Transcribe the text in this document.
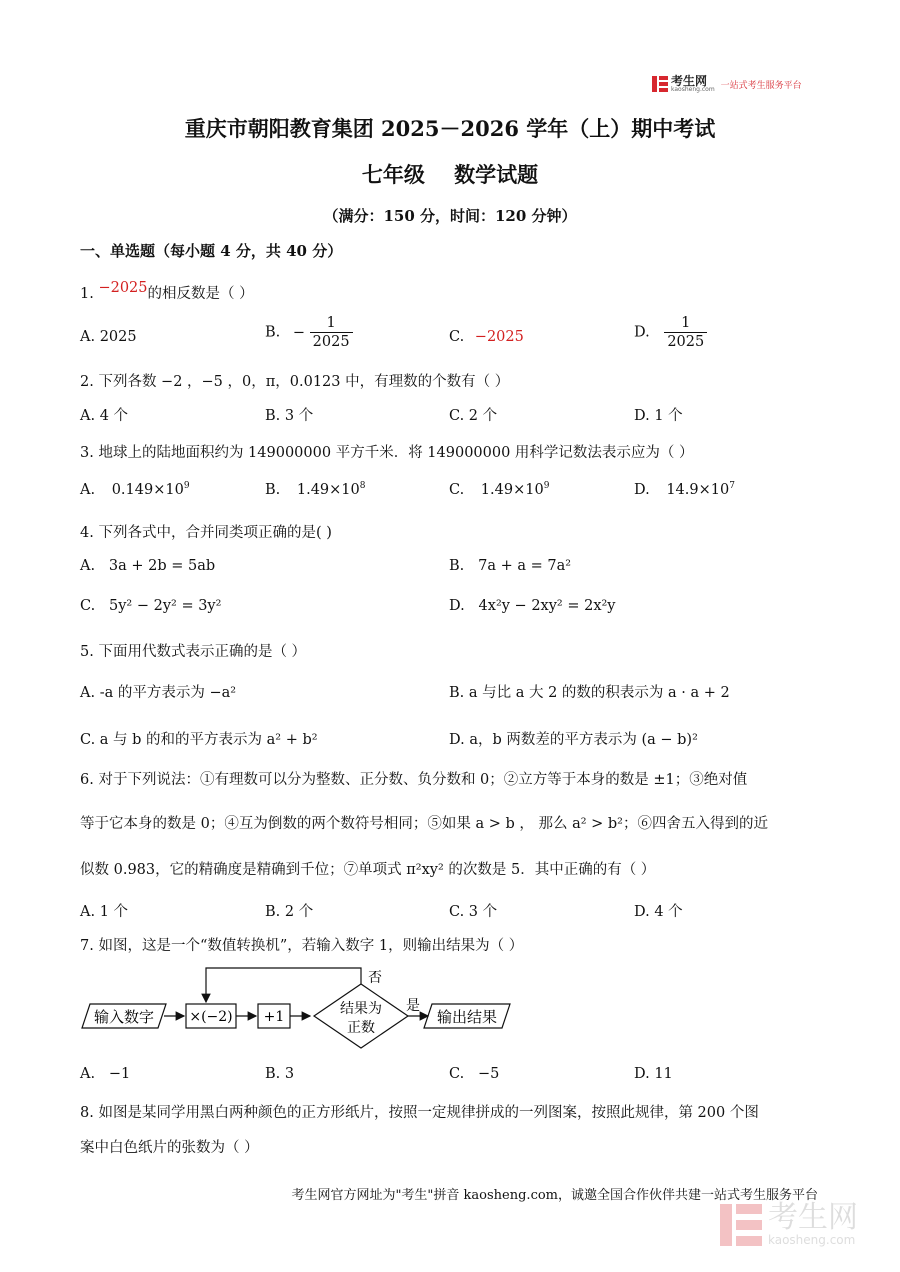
考生网
kaosheng.com 一站式考生服务平台
重庆市朝阳教育集团 2025－2026 学年（上）期中考试
七年级    数学试题
（满分：150 分，时间：120 分钟）
一、单选题（每小题 4 分，共 40 分）
1. −2025的相反数是（ ）
A. 2025	B. − $\frac{1}{2025}$	C. −2025	D. $\frac{1}{2025}$
2. 下列各数 −2 ，−5 ，0，π，0.0123 中，有理数的个数有（ ）
A. 4 个	B. 3 个	C. 2 个	D. 1 个
3. 地球上的陆地面积约为 149000000 平方千米．将 149000000 用科学记数法表示应为（ ）
A. $0.149\times 10^9$	B. $1.49\times 10^8$	C. $1.49\times 10^9$	D. $14.9\times 10^7$
4. 下列各式中，合并同类项正确的是( )
A.   3a + 2b = 5ab	B.   7a + a = 7a²
C.   5y² − 2y² = 3y²	D.   4x²y − 2xy² = 2x²y
5. 下面用代数式表示正确的是（ ）
A. -a 的平方表示为 −a²	B. a 与比 a 大 2 的数的积表示为 a · a + 2
C. a 与 b 的和的平方表示为 a² + b²	D. a，b 两数差的平方表示为 (a − b)²
6. 对于下列说法：①有理数可以分为整数、正分数、负分数和 0；②立方等于本身的数是 ±1；③绝对值
等于它本身的数是 0；④互为倒数的两个数符号相同；⑤如果 a > b ， 那么 a² > b²；⑥四舍五入得到的近
似数 0.983，它的精确度是精确到千位；⑦单项式 π²xy² 的次数是 5．其中正确的有（ ）
A. 1 个	B. 2 个	C. 3 个	D. 4 个
7. 如图，这是一个“数值转换机”，若输入数字 1，则输出结果为（ ）
输入数字	×(−2) +1	结果为
正数
否
是
输出结果
A.   −1	B. 3	C.   −5	D. 11
8. 如图是某同学用黑白两种颜色的正方形纸片，按照一定规律拼成的一列图案，按照此规律，第 200 个图
案中白色纸片的张数为（ ）
考生网官方网址为"考生"拼音 kaosheng.com，诚邀全国合作伙伴共建一站式考生服务平台
考生网
kaosheng.com
